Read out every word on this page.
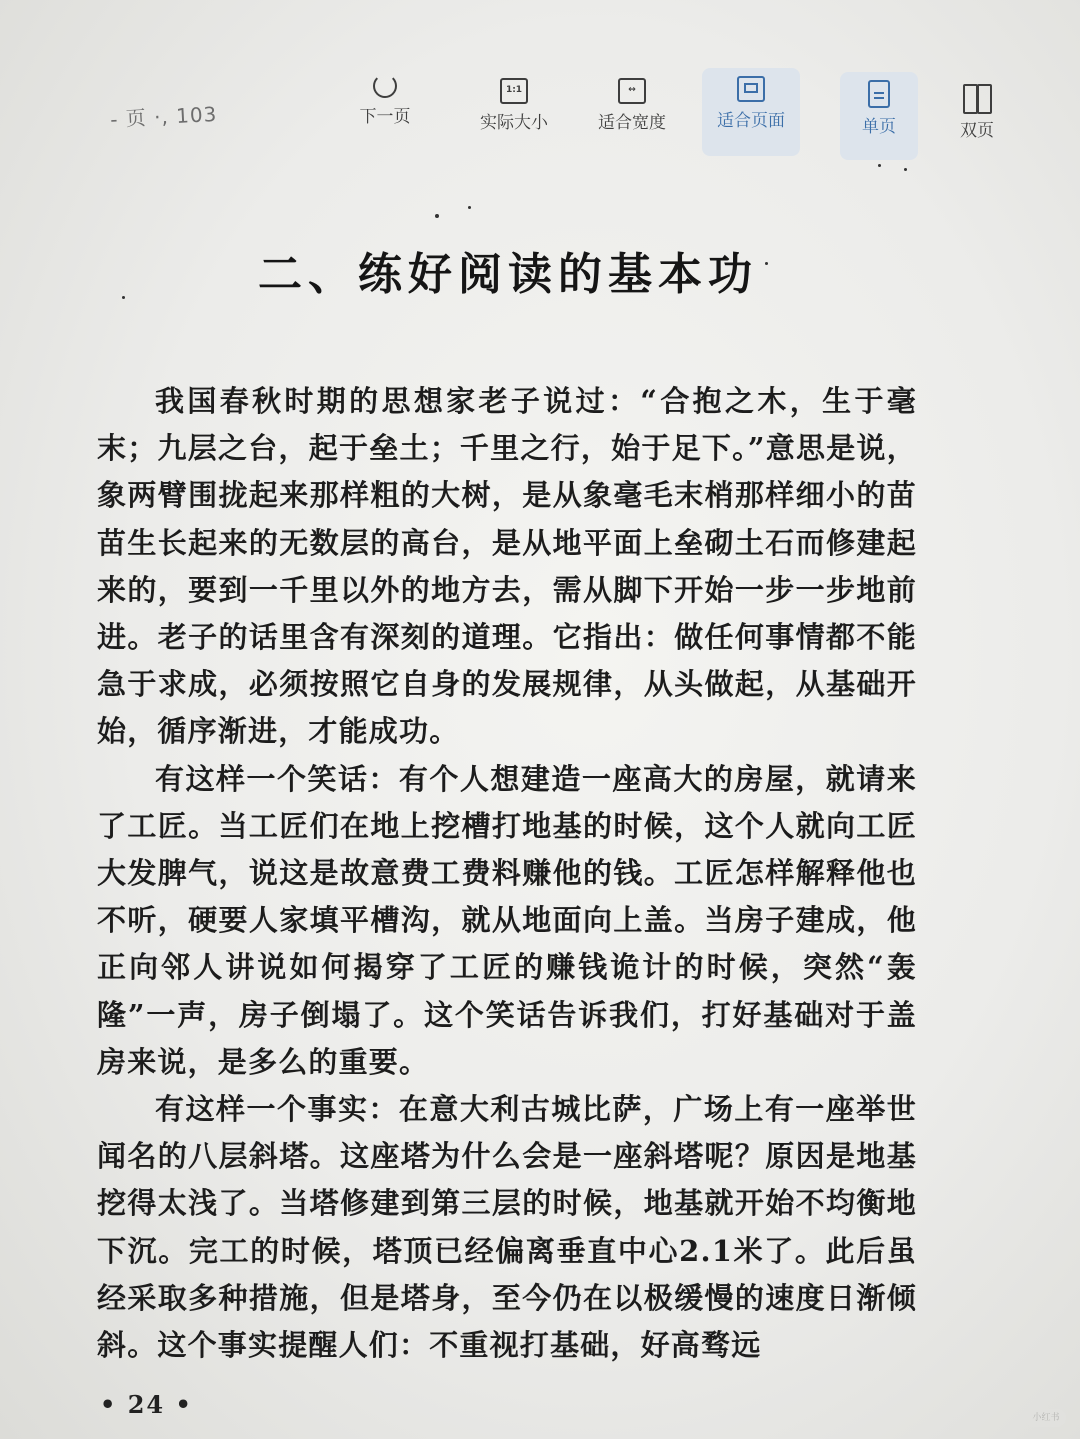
- 页 ·, 103	下一页
1:1
实际大小
↔
适合宽度	适合页面	单页	双页
二、练好阅读的基本功

我国春秋时期的思想家老子说过：“合抱之木，生于毫末；九层之台，起于垒土；千里之行，始于足下。”意思是说，象两臂围拢起来那样粗的大树，是从象毫毛末梢那样细小的苗苗生长起来的无数层的高台，是从地平面上垒砌土石而修建起来的，要到一千里以外的地方去，需从脚下开始一步一步地前进。老子的话里含有深刻的道理。它指出：做任何事情都不能急于求成，必须按照它自身的发展规律，从头做起，从基础开始，循序渐进，才能成功。

有这样一个笑话：有个人想建造一座高大的房屋，就请来了工匠。当工匠们在地上挖槽打地基的时候，这个人就向工匠大发脾气，说这是故意费工费料赚他的钱。工匠怎样解释他也不听，硬要人家填平槽沟，就从地面向上盖。当房子建成，他正向邻人讲说如何揭穿了工匠的赚钱诡计的时候，突然“轰隆”一声，房子倒塌了。这个笑话告诉我们，打好基础对于盖房来说，是多么的重要。

有这样一个事实：在意大利古城比萨，广场上有一座举世闻名的八层斜塔。这座塔为什么会是一座斜塔呢？原因是地基挖得太浅了。当塔修建到第三层的时候，地基就开始不均衡地下沉。完工的时候，塔顶已经偏离垂直中心2.1米了。此后虽经采取多种措施，但是塔身，至今仍在以极缓慢的速度日渐倾斜。这个事实提醒人们：不重视打基础，好高骛远

• 24 •	小红书
